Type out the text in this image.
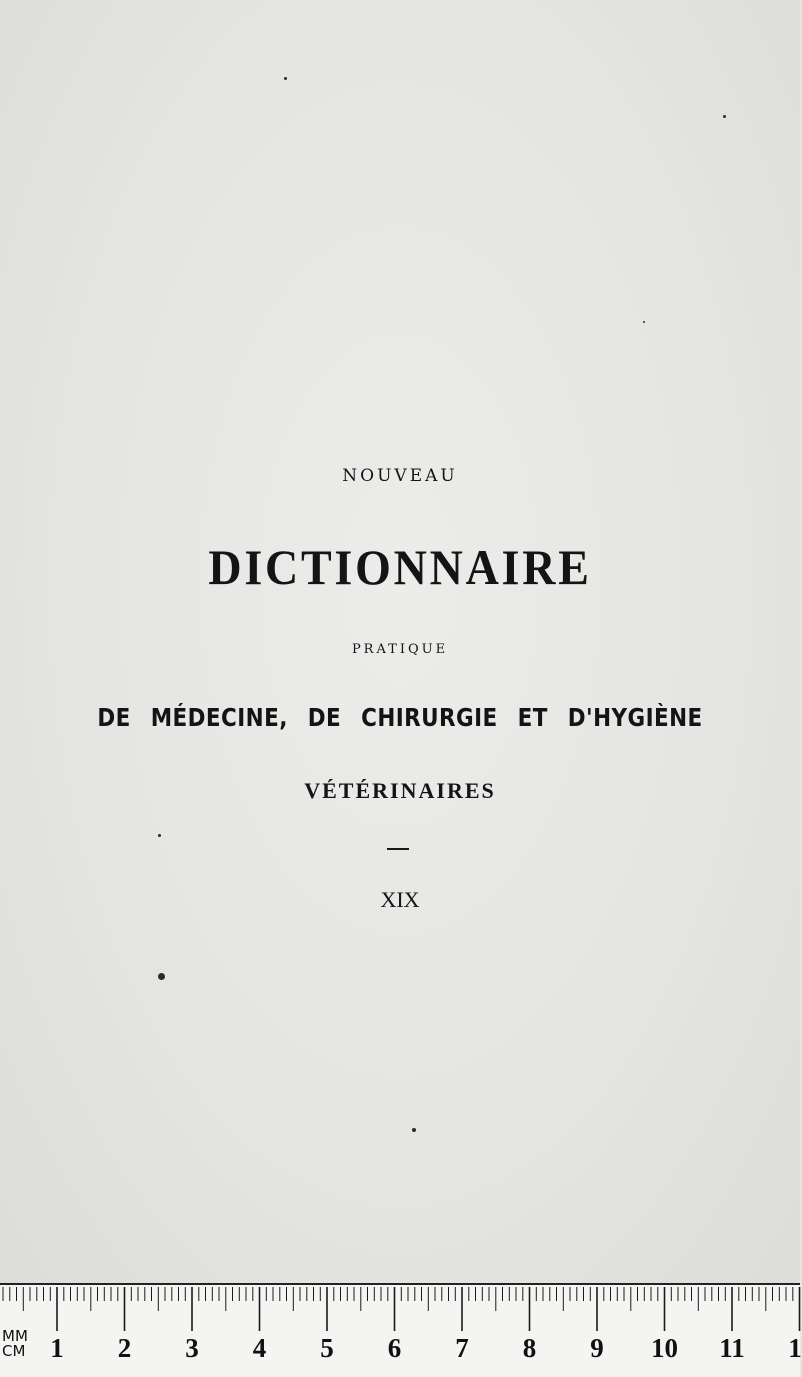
NOUVEAU
DICTIONNAIRE
PRATIQUE
DE MÉDECINE, DE CHIRURGIE ET D'HYGIÈNE
VÉTÉRINAIRES
XIX
MM
CM 1 2 3 4 5 6 7 8 9 10 11 1
